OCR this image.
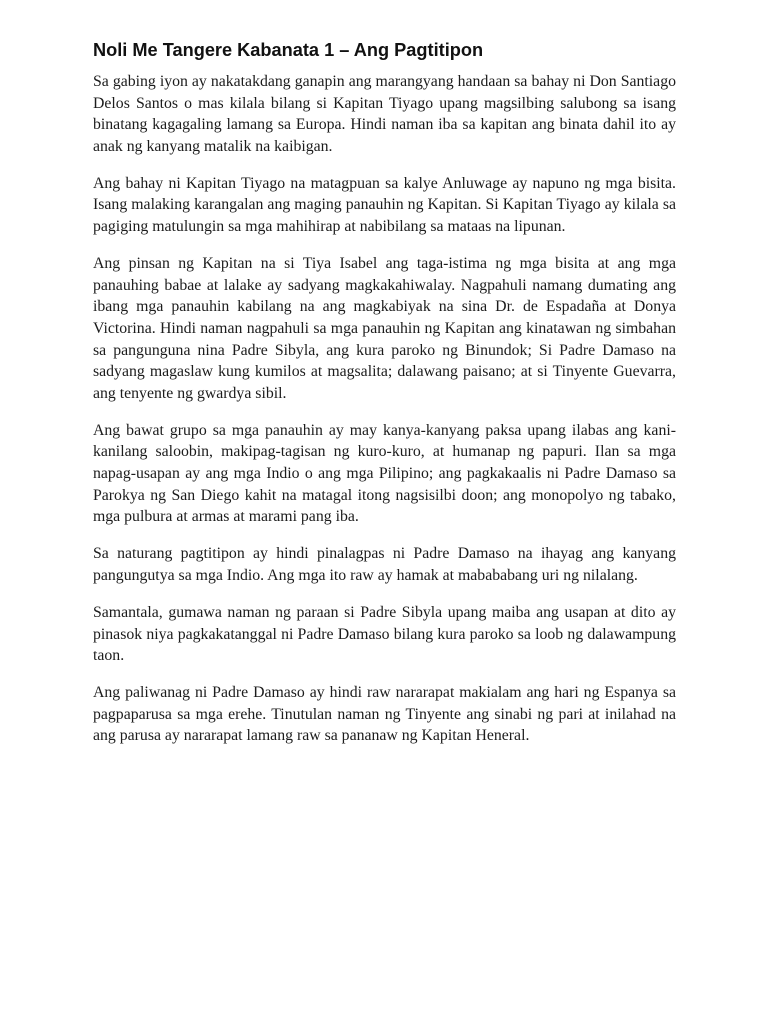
Noli Me Tangere Kabanata 1 – Ang Pagtitipon

Sa gabing iyon ay nakatakdang ganapin ang marangyang handaan sa bahay ni Don Santiago Delos Santos o mas kilala bilang si Kapitan Tiyago upang magsilbing salubong sa isang binatang kagagaling lamang sa Europa. Hindi naman iba sa kapitan ang binata dahil ito ay anak ng kanyang matalik na kaibigan.

Ang bahay ni Kapitan Tiyago na matagpuan sa kalye Anluwage ay napuno ng mga bisita. Isang malaking karangalan ang maging panauhin ng Kapitan. Si Kapitan Tiyago ay kilala sa pagiging matulungin sa mga mahihirap at nabibilang sa mataas na lipunan.

Ang pinsan ng Kapitan na si Tiya Isabel ang taga-istima ng mga bisita at ang mga panauhing babae at lalake ay sadyang magkakahiwalay. Nagpahuli namang dumating ang ibang mga panauhin kabilang na ang magkabiyak na sina Dr. de Espadaña at Donya Victorina. Hindi naman nagpahuli sa mga panauhin ng Kapitan ang kinatawan ng simbahan sa pangunguna nina Padre Sibyla, ang kura paroko ng Binundok; Si Padre Damaso na sadyang magaslaw kung kumilos at magsalita; dalawang paisano; at si Tinyente Guevarra, ang tenyente ng gwardya sibil.

Ang bawat grupo sa mga panauhin ay may kanya-kanyang paksa upang ilabas ang kani-kanilang saloobin, makipag-tagisan ng kuro-kuro, at humanap ng papuri. Ilan sa mga napag-usapan ay ang mga Indio o ang mga Pilipino; ang pagkakaalis ni Padre Damaso sa Parokya ng San Diego kahit na matagal itong nagsisilbi doon; ang monopolyo ng tabako, mga pulbura at armas at marami pang iba.

Sa naturang pagtitipon ay hindi pinalagpas ni Padre Damaso na ihayag ang kanyang pangungutya sa mga Indio. Ang mga ito raw ay hamak at mabababang uri ng nilalang.

Samantala, gumawa naman ng paraan si Padre Sibyla upang maiba ang usapan at dito ay pinasok niya pagkakatanggal ni Padre Damaso bilang kura paroko sa loob ng dalawampung taon.

Ang paliwanag ni Padre Damaso ay hindi raw nararapat makialam ang hari ng Espanya sa pagpaparusa sa mga erehe. Tinutulan naman ng Tinyente ang sinabi ng pari at inilahad na ang parusa ay nararapat lamang raw sa pananaw ng Kapitan Heneral.
